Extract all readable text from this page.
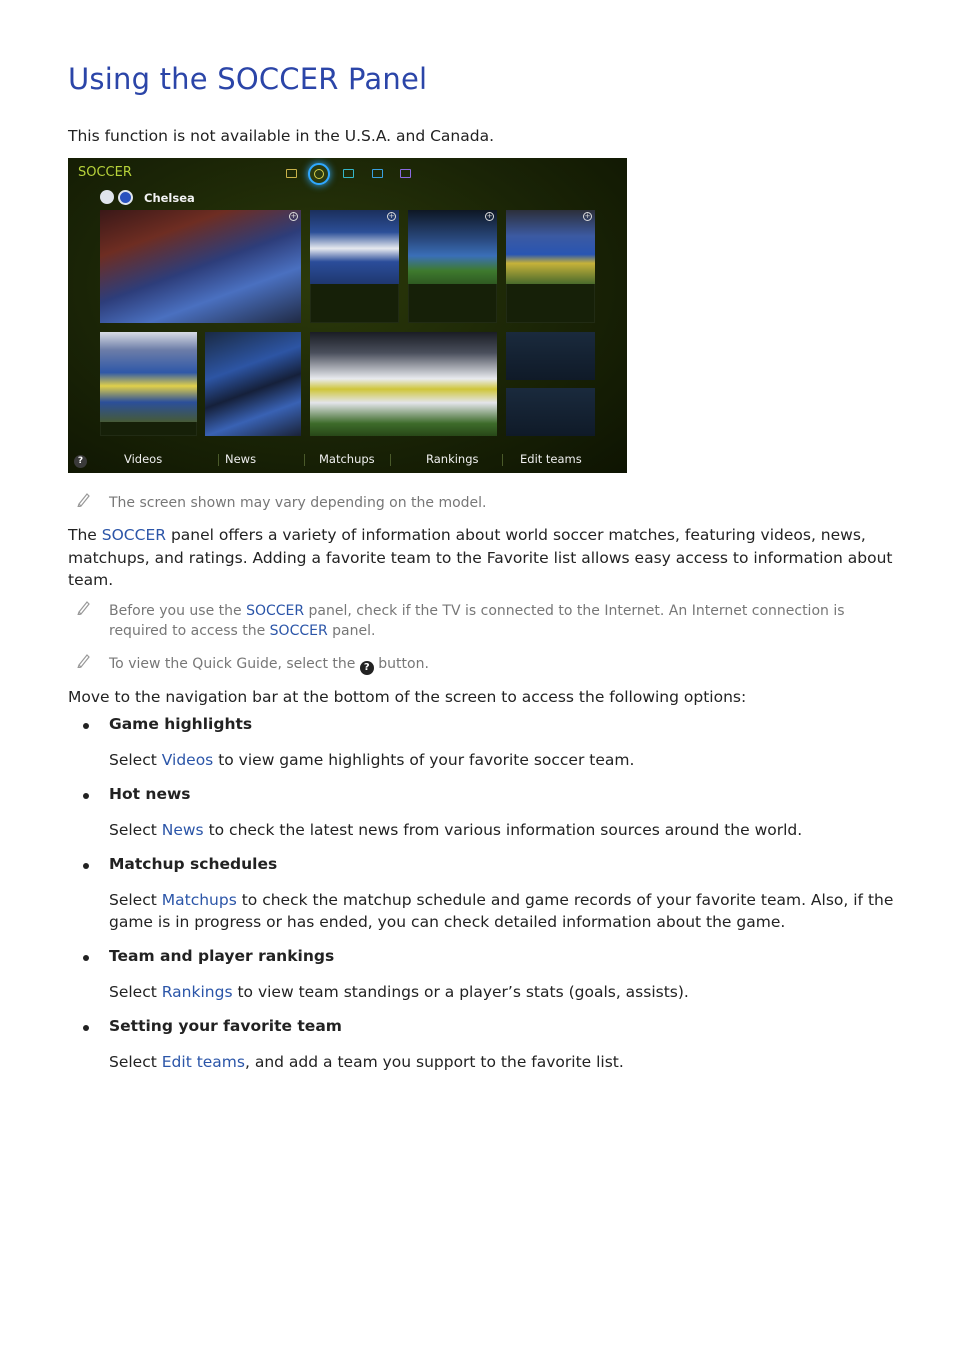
Using the SOCCER Panel
This function is not available in the U.S.A. and Canada.
SOCCER
Chelsea
+	+	+	+
?	Videos	News	Matchups	Rankings	Edit teams
The screen shown may vary depending on the model.
The SOCCER panel offers a variety of information about world soccer matches, featuring videos, news, matchups, and ratings. Adding a favorite team to the Favorite list allows easy access to information about team.
Before you use the SOCCER panel, check if the TV is connected to the Internet. An Internet connection is required to access the SOCCER panel.
To view the Quick Guide, select the ? button.
Move to the navigation bar at the bottom of the screen to access the following options:
Game highlights
Select Videos to view game highlights of your favorite soccer team.
Hot news
Select News to check the latest news from various information sources around the world.
Matchup schedules
Select Matchups to check the matchup schedule and game records of your favorite team. Also, if the game is in progress or has ended, you can check detailed information about the game.
Team and player rankings
Select Rankings to view team standings or a player’s stats (goals, assists).
Setting your favorite team
Select Edit teams, and add a team you support to the favorite list.
